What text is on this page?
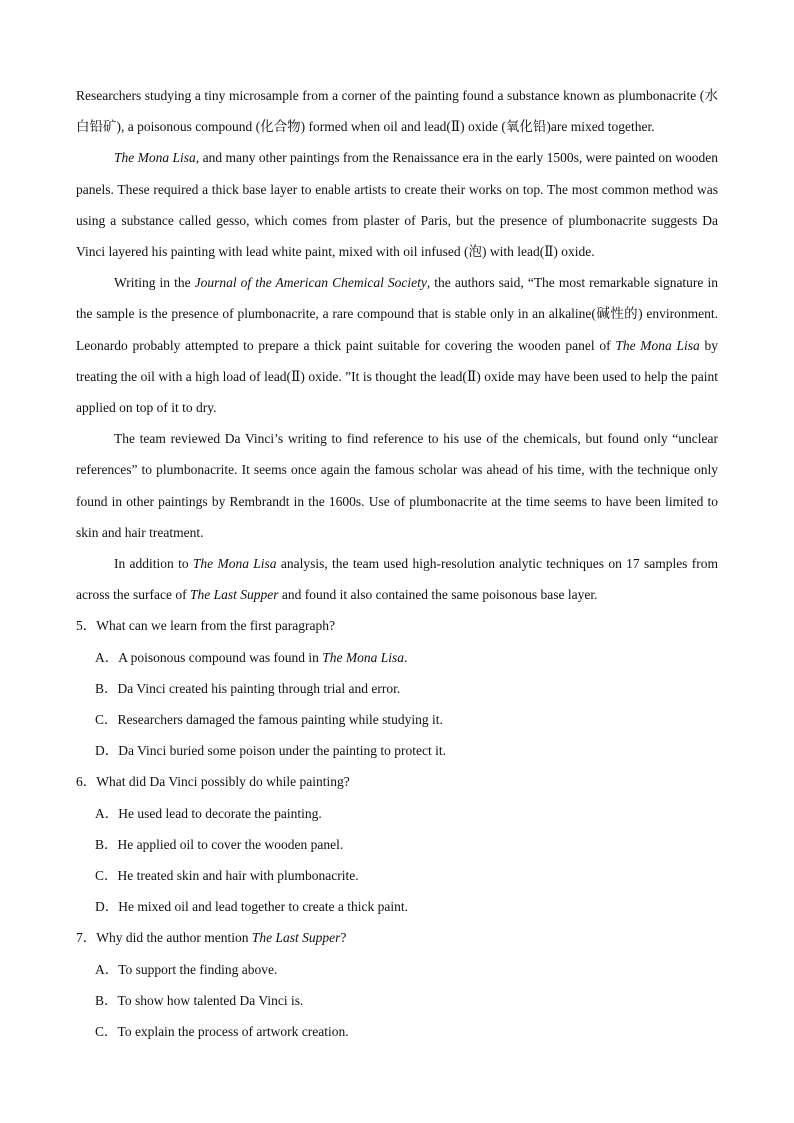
Researchers studying a tiny microsample from a corner of the painting found a substance known as plumbonacrite (水白铅矿), a poisonous compound (化合物) formed when oil and lead(Ⅱ) oxide (氧化铅)are mixed together.

The Mona Lisa, and many other paintings from the Renaissance era in the early 1500s, were painted on wooden panels. These required a thick base layer to enable artists to create their works on top. The most common method was using a substance called gesso, which comes from plaster of Paris, but the presence of plumbonacrite suggests Da Vinci layered his painting with lead white paint, mixed with oil infused (泡) with lead(Ⅱ) oxide.

Writing in the Journal of the American Chemical Society, the authors said, “The most remarkable signature in the sample is the presence of plumbonacrite, a rare compound that is stable only in an alkaline(碱性的) environment. Leonardo probably attempted to prepare a thick paint suitable for covering the wooden panel of The Mona Lisa by treating the oil with a high load of lead(Ⅱ) oxide. ”It is thought the lead(Ⅱ) oxide may have been used to help the paint applied on top of it to dry.

The team reviewed Da Vinci’s writing to find reference to his use of the chemicals, but found only “unclear references” to plumbonacrite. It seems once again the famous scholar was ahead of his time, with the technique only found in other paintings by Rembrandt in the 1600s. Use of plumbonacrite at the time seems to have been limited to skin and hair treatment.

In addition to The Mona Lisa analysis, the team used high-resolution analytic techniques on 17 samples from across the surface of The Last Supper and found it also contained the same poisonous base layer.

5．What can we learn from the first paragraph?

A．A poisonous compound was found in The Mona Lisa.

B．Da Vinci created his painting through trial and error.

C．Researchers damaged the famous painting while studying it.

D．Da Vinci buried some poison under the painting to protect it.

6．What did Da Vinci possibly do while painting?

A．He used lead to decorate the painting.

B．He applied oil to cover the wooden panel.

C．He treated skin and hair with plumbonacrite.

D．He mixed oil and lead together to create a thick paint.

7．Why did the author mention The Last Supper?

A．To support the finding above.

B．To show how talented Da Vinci is.

C．To explain the process of artwork creation.
